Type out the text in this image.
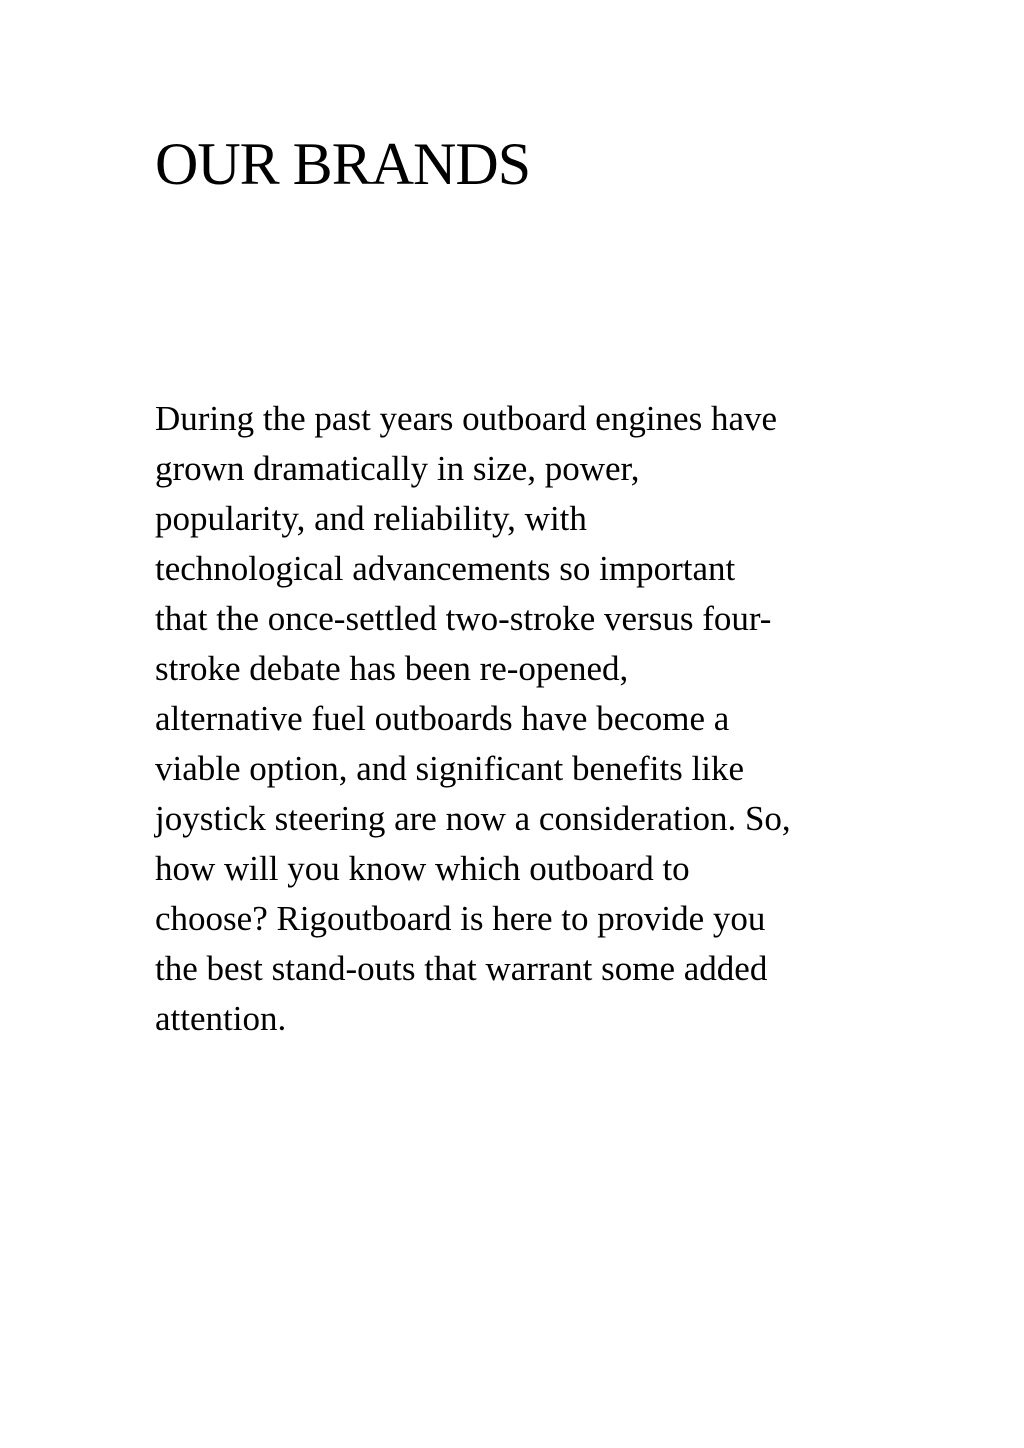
OUR BRANDS

During the past years outboard engines have
grown dramatically in size, power,
popularity, and reliability, with
technological advancements so important
that the once-settled two-stroke versus four-
stroke debate has been re-opened,
alternative fuel outboards have become a
viable option, and significant benefits like
joystick steering are now a consideration. So,
how will you know which outboard to
choose? Rigoutboard is here to provide you
the best stand-outs that warrant some added
attention.
